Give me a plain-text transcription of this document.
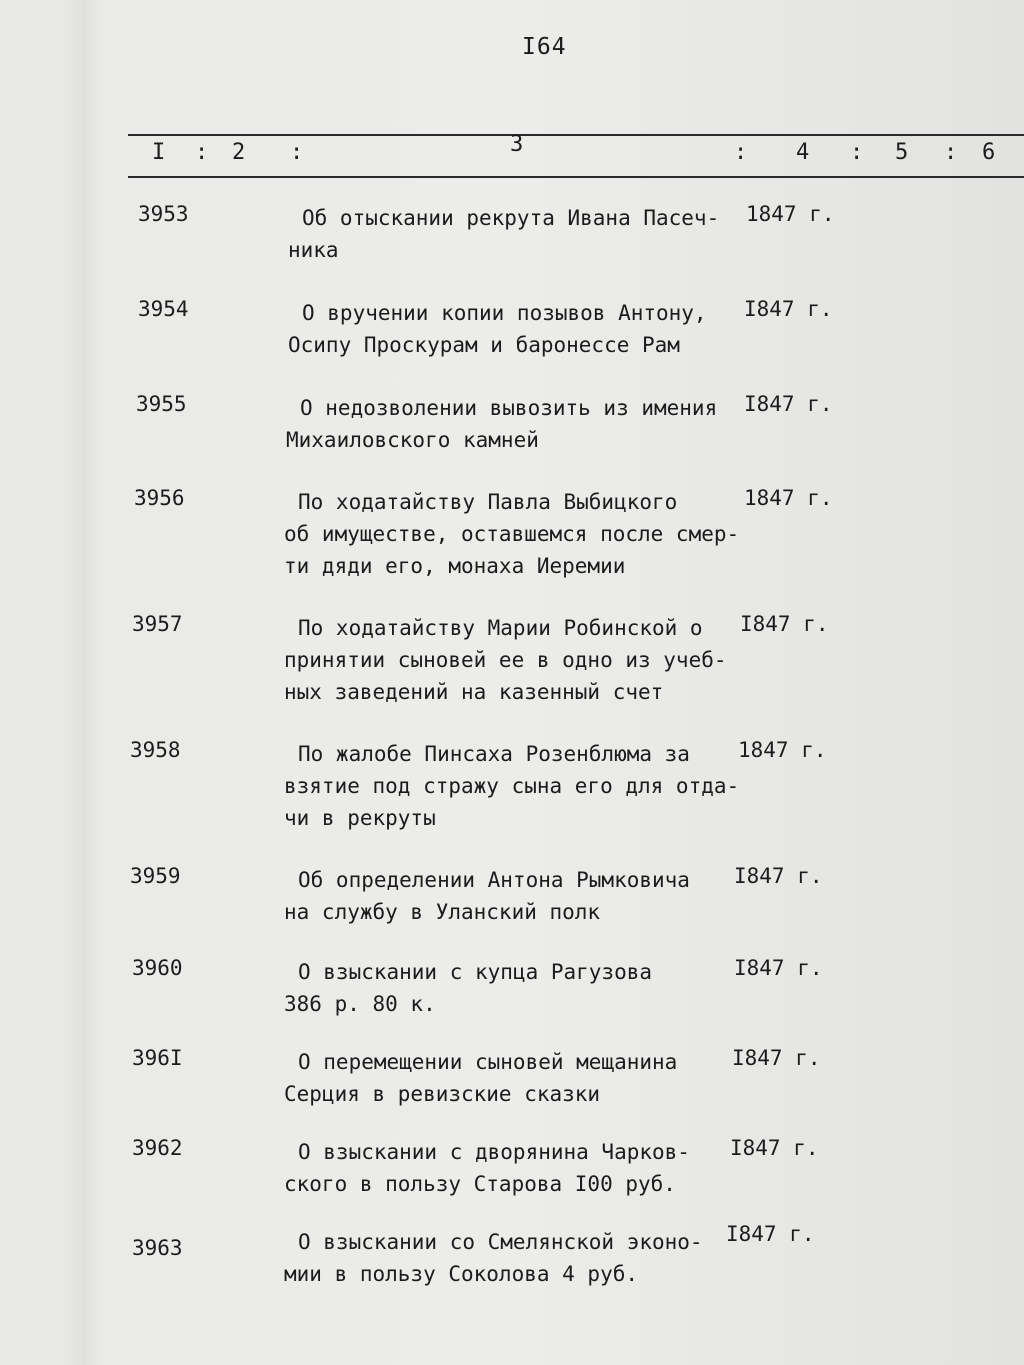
I64
I : 2 :	3	: 4 : 5 : 6
3953	Об отыскании рекрута Ивана Пасеч-
ника
1847 г.
3954	О вручении копии позывов Антону,
Осипу Проскурам и баронессе Рам
I847 г.
3955	О недозволении вывозить из имения
Михаиловского камней
I847 г.
3956	По ходатайству Павла Выбицкого
об имуществе, оставшемся после смер-
ти дяди его, монаха Иеремии
1847 г.
3957	По ходатайству Марии Робинской о
принятии сыновей ее в одно из учеб-
ных заведений на казенный счет
I847 г.
3958	По жалобе Пинсаха Розенблюма за
взятие под стражу сына его для отда-
чи в рекруты
1847 г.
3959	Об определении Антона Рымковича
на службу в Уланский полк
I847 г.
3960	О взыскании с купца Рагузова
386 р. 80 к.
I847 г.
396I	О перемещении сыновей мещанина
Серция в ревизские сказки
I847 г.
3962	О взыскании с дворянина Чарков-
ского в пользу Старова I00 руб.
I847 г.
3963	О взыскании со Смелянской эконо-
мии в пользу Соколова 4 руб.
I847 г.
